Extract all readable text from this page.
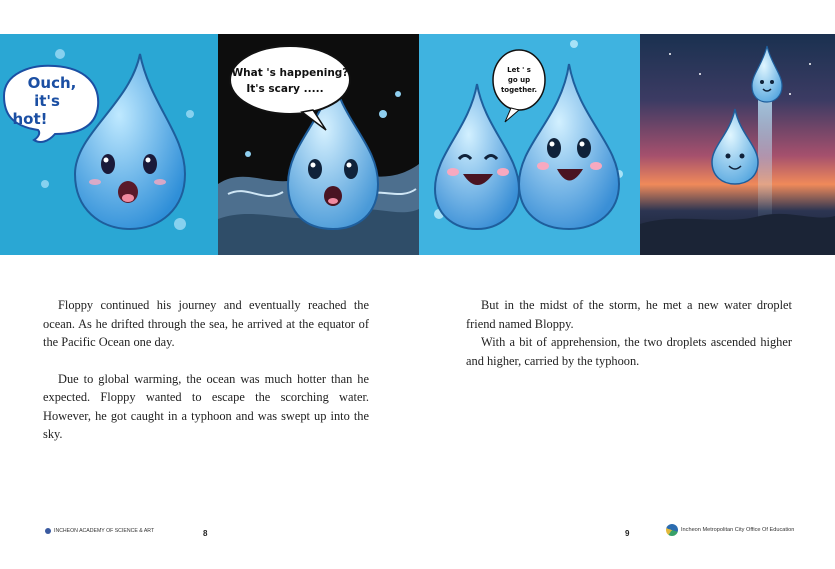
Ouch,
it's
hot!
What 's happening?
It's scary .....
Let ' s
go up
together.

Floppy continued his journey and eventually reached the ocean. As he drifted through the sea, he arrived at the equator of the Pacific Ocean one day.

Due to global warming, the ocean was much hotter than he expected. Floppy wanted to escape the scorching water. However, he got caught in a typhoon and was swept up into the sky.

But in the midst of the storm, he met a new water droplet friend named Bloppy.

With a bit of apprehension, the two droplets ascended higher and higher, carried by the typhoon.

INCHEON ACADEMY OF SCIENCE & ART	8	9	Incheon Metropolitan City Office Of Education
